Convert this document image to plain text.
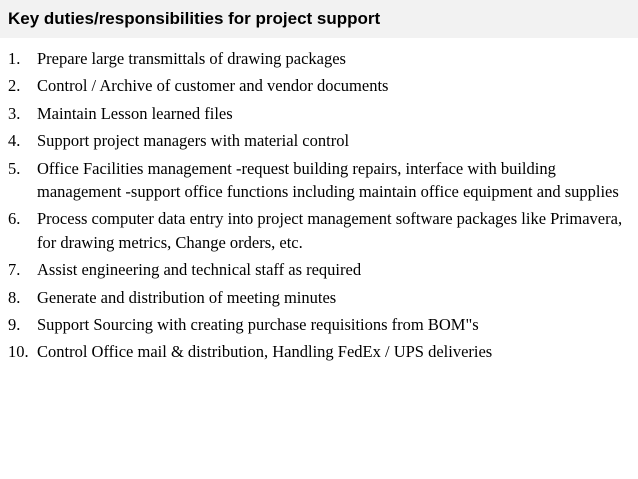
Key duties/responsibilities for project support
1. Prepare large transmittals of drawing packages
2. Control / Archive of customer and vendor documents
3. Maintain Lesson learned files
4. Support project managers with material control
5. Office Facilities management -request building repairs, interface with building management -support office functions including maintain office equipment and supplies
6. Process computer data entry into project management software packages like Primavera, for drawing metrics, Change orders, etc.
7. Assist engineering and technical staff as required
8. Generate and distribution of meeting minutes
9. Support Sourcing with creating purchase requisitions from BOM"s
10. Control Office mail & distribution, Handling FedEx / UPS deliveries
